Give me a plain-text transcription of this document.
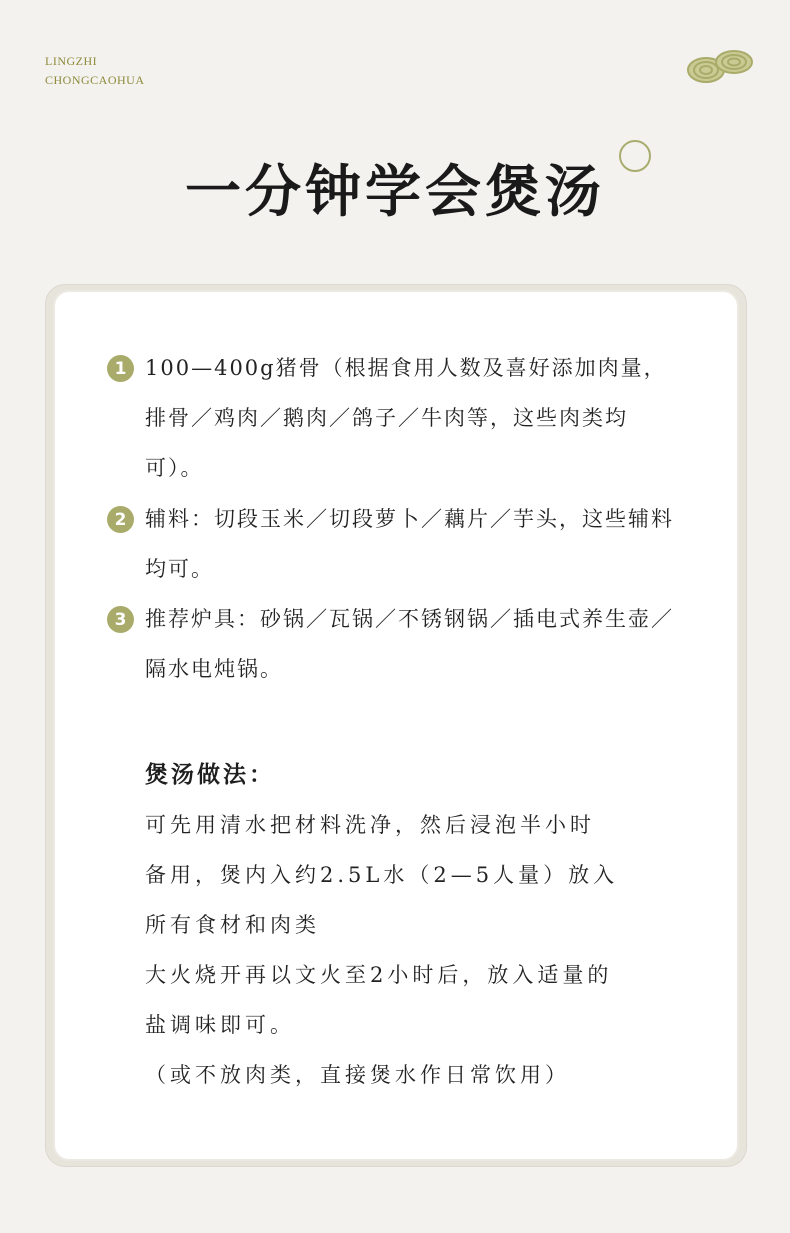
LINGZHI
CHONGCAOHUA
一分钟学会煲汤
1 100—400g猪骨（根据食用人数及喜好添加肉量，排骨／鸡肉／鹅肉／鸽子／牛肉等，这些肉类均可）。
2 辅料：切段玉米／切段萝卜／藕片／芋头，这些辅料均可。
3 推荐炉具：砂锅／瓦锅／不锈钢锅／插电式养生壶／隔水电炖锅。
煲汤做法：
可先用清水把材料洗净，然后浸泡半小时
备用，煲内入约2.5L水（2—5人量）放入
所有食材和肉类
大火烧开再以文火至2小时后，放入适量的
盐调味即可。
（或不放肉类，直接煲水作日常饮用）
